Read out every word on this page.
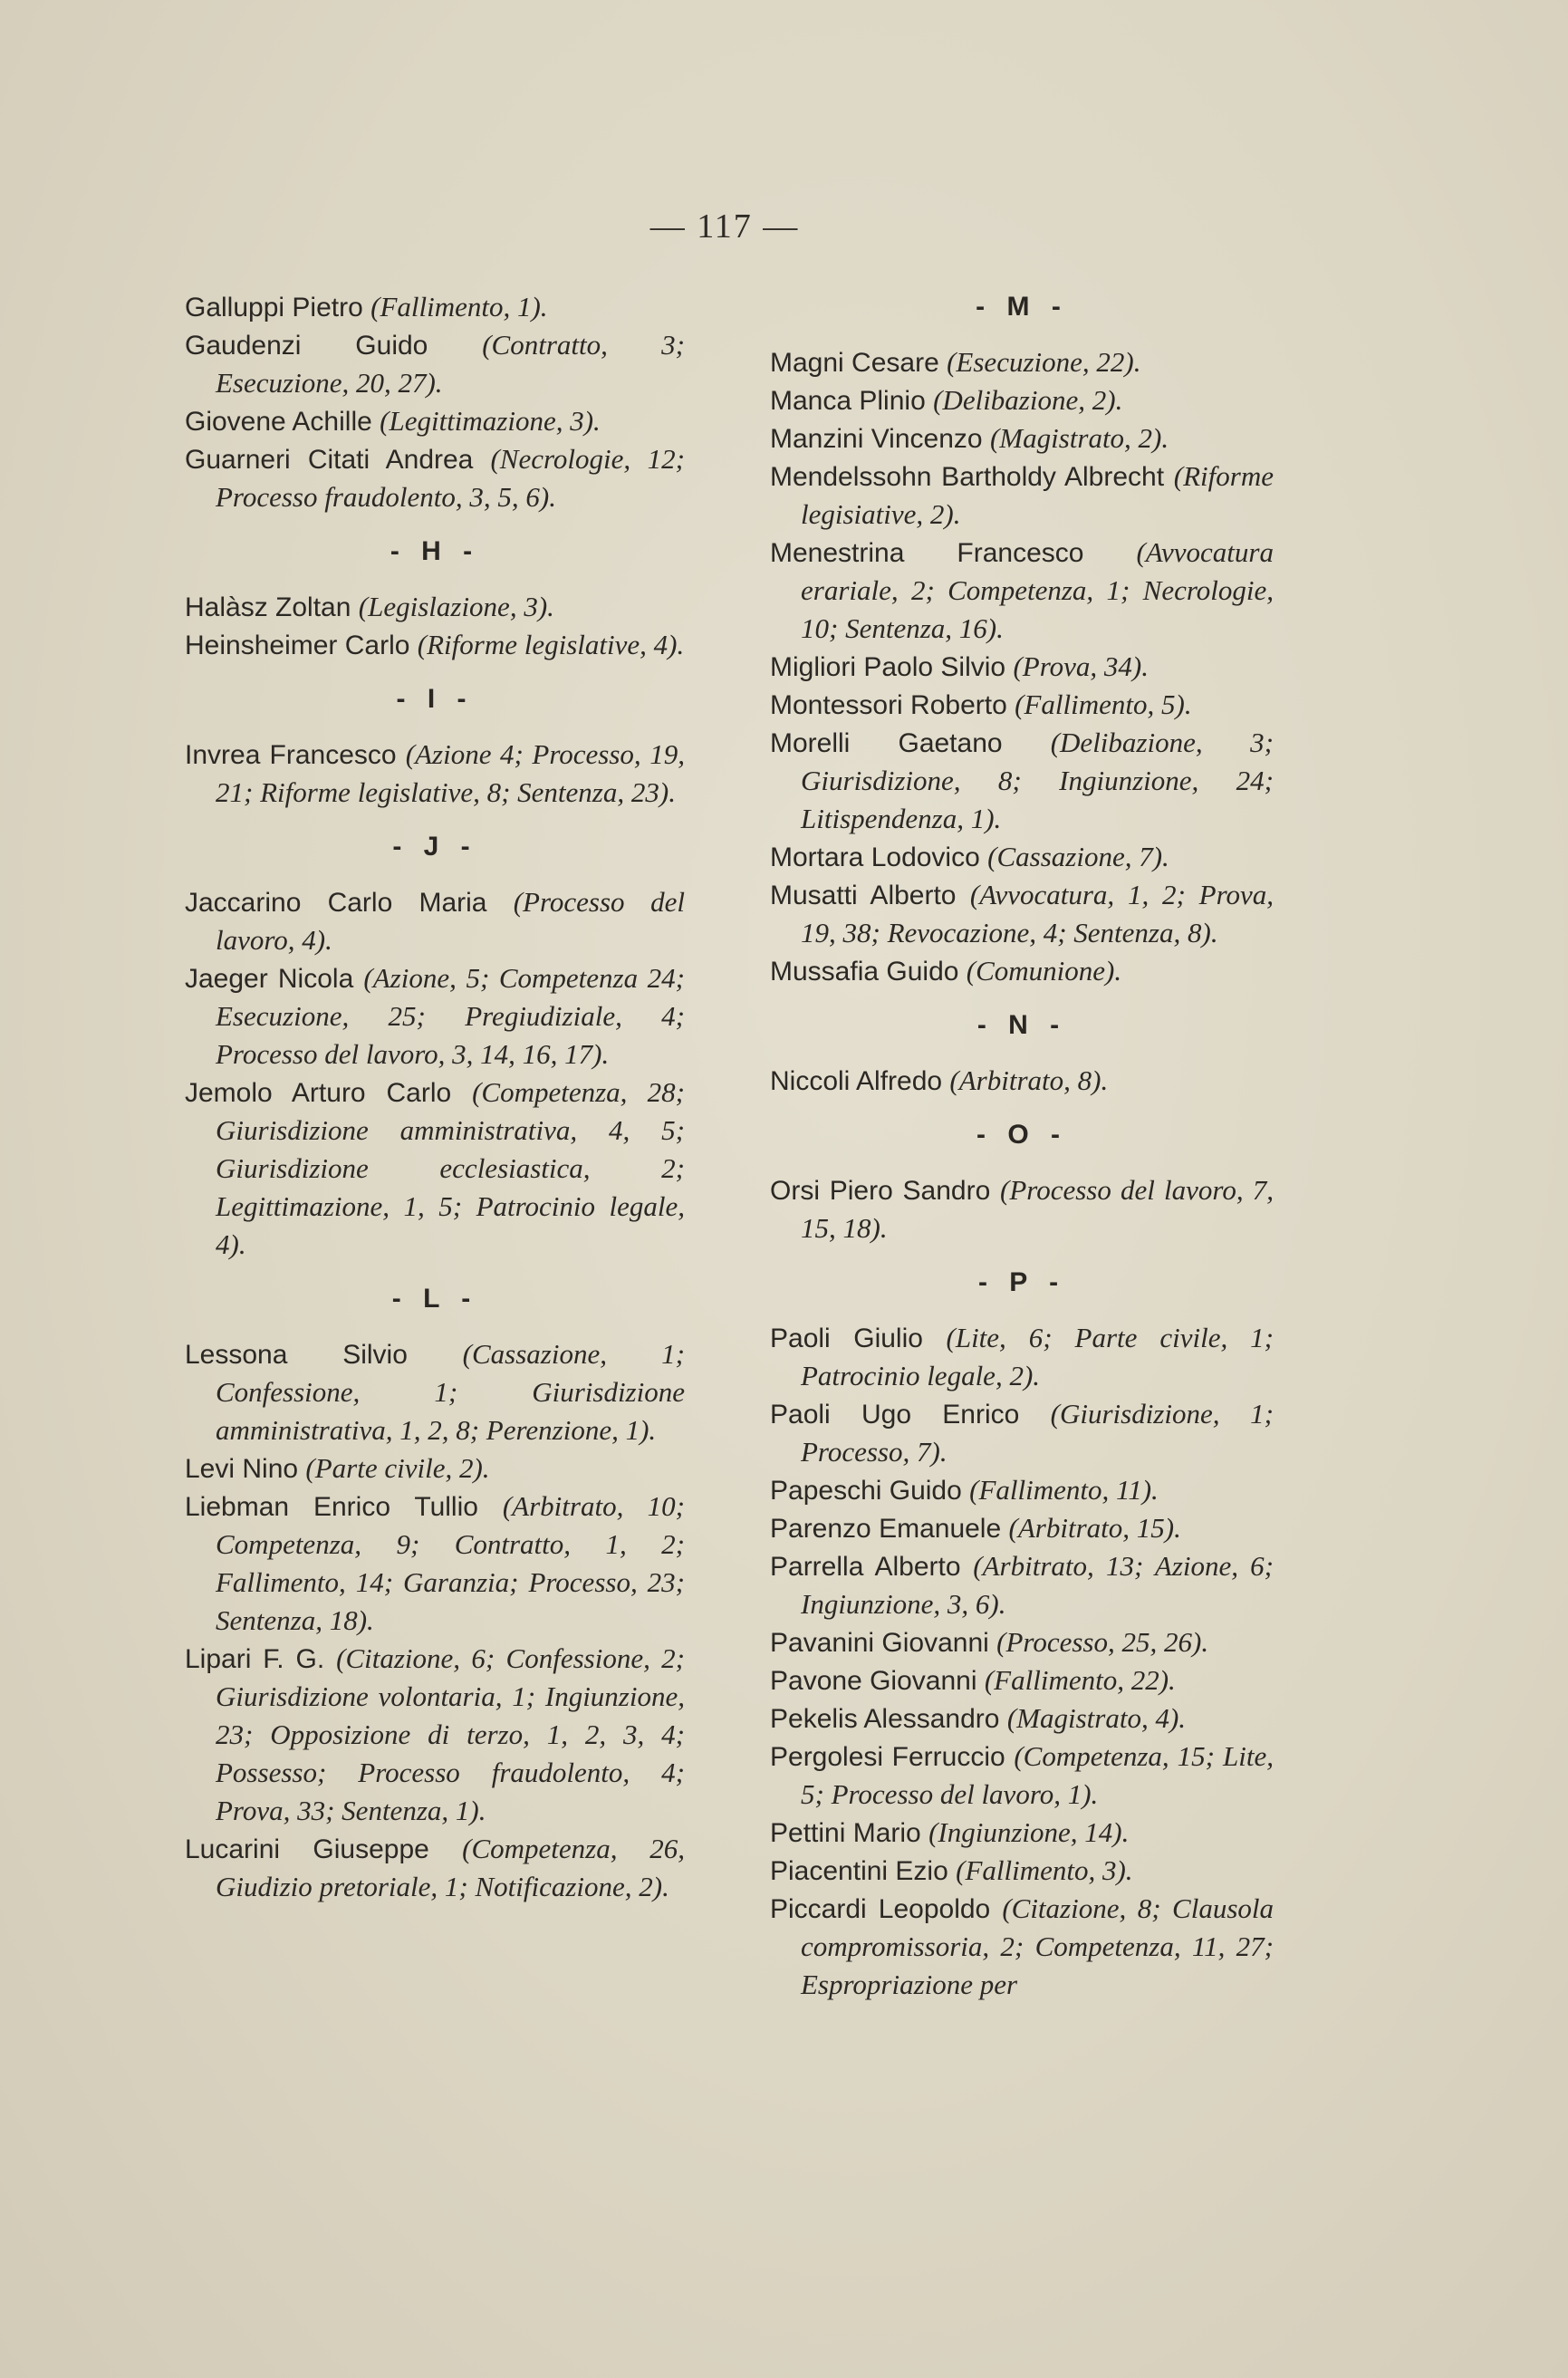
— 117 —

Galluppi Pietro (Fallimento, 1).

Gaudenzi Guido (Contratto, 3; Esecuzione, 20, 27).

Giovene Achille (Legittimazione, 3).

Guarneri Citati Andrea (Necrologie, 12; Processo fraudolento, 3, 5, 6).

- H -

Halàsz Zoltan (Legislazione, 3).

Heinsheimer Carlo (Riforme legislative, 4).

- I -

Invrea Francesco (Azione 4; Processo, 19, 21; Riforme legislative, 8; Sentenza, 23).

- J -

Jaccarino Carlo Maria (Processo del lavoro, 4).

Jaeger Nicola (Azione, 5; Competenza 24; Esecuzione, 25; Pregiudiziale, 4; Processo del lavoro, 3, 14, 16, 17).

Jemolo Arturo Carlo (Competenza, 28; Giurisdizione amministrativa, 4, 5; Giurisdizione ecclesiastica, 2; Legittimazione, 1, 5; Patrocinio legale, 4).

- L -

Lessona Silvio (Cassazione, 1; Confessione, 1; Giurisdizione amministrativa, 1, 2, 8; Perenzione, 1).

Levi Nino (Parte civile, 2).

Liebman Enrico Tullio (Arbitrato, 10; Competenza, 9; Contratto, 1, 2; Fallimento, 14; Garanzia; Processo, 23; Sentenza, 18).

Lipari F. G. (Citazione, 6; Confessione, 2; Giurisdizione volontaria, 1; Ingiunzione, 23; Opposizione di terzo, 1, 2, 3, 4; Possesso; Processo fraudolento, 4; Prova, 33; Sentenza, 1).

Lucarini Giuseppe (Competenza, 26, Giudizio pretoriale, 1; Notificazione, 2).

- M -

Magni Cesare (Esecuzione, 22).

Manca Plinio (Delibazione, 2).

Manzini Vincenzo (Magistrato, 2).

Mendelssohn Bartholdy Albrecht (Riforme legisiative, 2).

Menestrina Francesco (Avvocatura erariale, 2; Competenza, 1; Necrologie, 10; Sentenza, 16).

Migliori Paolo Silvio (Prova, 34).

Montessori Roberto (Fallimento, 5).

Morelli Gaetano (Delibazione, 3; Giurisdizione, 8; Ingiunzione, 24; Litispendenza, 1).

Mortara Lodovico (Cassazione, 7).

Musatti Alberto (Avvocatura, 1, 2; Prova, 19, 38; Revocazione, 4; Sentenza, 8).

Mussafia Guido (Comunione).

- N -

Niccoli Alfredo (Arbitrato, 8).

- O -

Orsi Piero Sandro (Processo del lavoro, 7, 15, 18).

- P -

Paoli Giulio (Lite, 6; Parte civile, 1; Patrocinio legale, 2).

Paoli Ugo Enrico (Giurisdizione, 1; Processo, 7).

Papeschi Guido (Fallimento, 11).

Parenzo Emanuele (Arbitrato, 15).

Parrella Alberto (Arbitrato, 13; Azione, 6; Ingiunzione, 3, 6).

Pavanini Giovanni (Processo, 25, 26).

Pavone Giovanni (Fallimento, 22).

Pekelis Alessandro (Magistrato, 4).

Pergolesi Ferruccio (Competenza, 15; Lite, 5; Processo del lavoro, 1).

Pettini Mario (Ingiunzione, 14).

Piacentini Ezio (Fallimento, 3).

Piccardi Leopoldo (Citazione, 8; Clausola compromissoria, 2; Competenza, 11, 27; Espropriazione per
